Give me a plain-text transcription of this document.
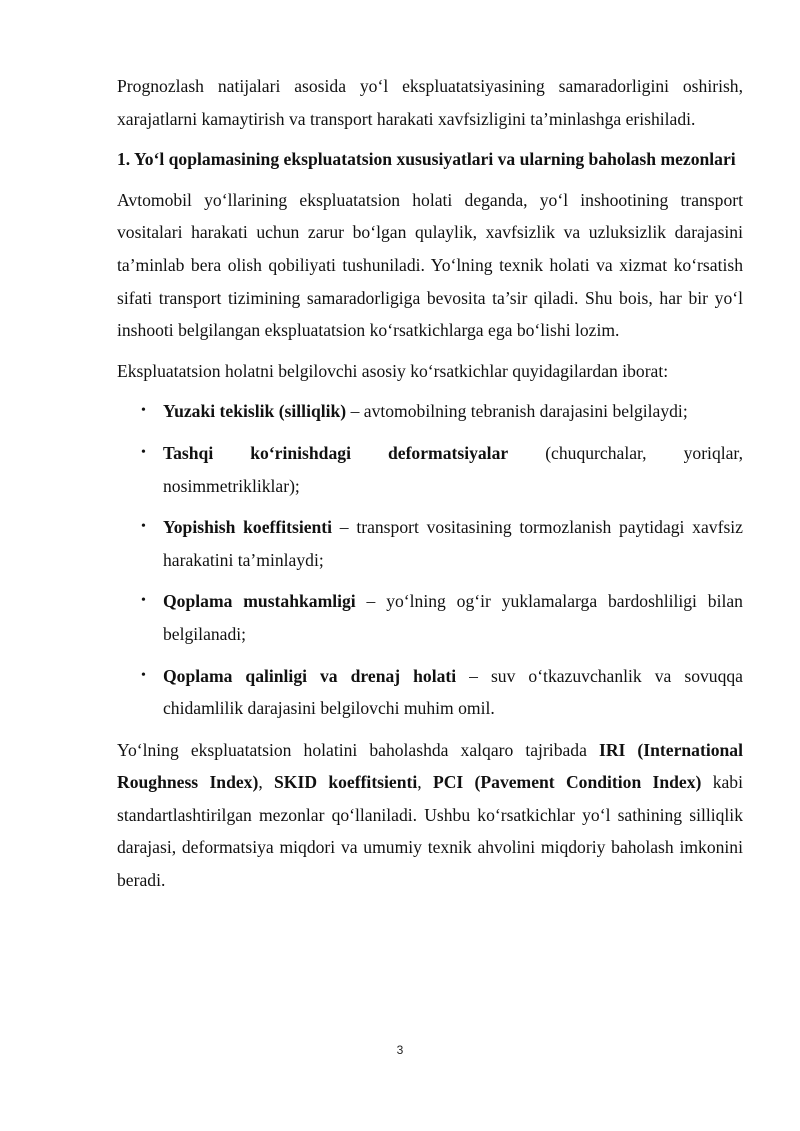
Prognozlash natijalari asosida yo‘l ekspluatatsiyasining samaradorligini oshirish, xarajatlarni kamaytirish va transport harakati xavfsizligini ta’minlashga erishiladi.

1. Yo‘l qoplamasining ekspluatatsion xususiyatlari va ularning baholash mezonlari

Avtomobil yo‘llarining ekspluatatsion holati deganda, yo‘l inshootining transport vositalari harakati uchun zarur bo‘lgan qulaylik, xavfsizlik va uzluksizlik darajasini ta’minlab bera olish qobiliyati tushuniladi. Yo‘lning texnik holati va xizmat ko‘rsatish sifati transport tizimining samaradorligiga bevosita ta’sir qiladi. Shu bois, har bir yo‘l inshooti belgilangan ekspluatatsion ko‘rsatkichlarga ega bo‘lishi lozim.

Ekspluatatsion holatni belgilovchi asosiy ko‘rsatkichlar quyidagilardan iborat:

• Yuzaki tekislik (silliqlik) – avtomobilning tebranish darajasini belgilaydi;

• Tashqi ko‘rinishdagi deformatsiyalar (chuqurchalar, yoriqlar, nosimmetrikliklar);

• Yopishish koeffitsienti – transport vositasining tormozlanish paytidagi xavfsiz harakatini ta’minlaydi;

• Qoplama mustahkamligi – yo‘lning og‘ir yuklamalarga bardoshliligi bilan belgilanadi;

• Qoplama qalinligi va drenaj holati – suv o‘tkazuvchanlik va sovuqqa chidamlilik darajasini belgilovchi muhim omil.

Yo‘lning ekspluatatsion holatini baholashda xalqaro tajribada IRI (International Roughness Index), SKID koeffitsienti, PCI (Pavement Condition Index) kabi standartlashtirilgan mezonlar qo‘llaniladi. Ushbu ko‘rsatkichlar yo‘l sathining silliqlik darajasi, deformatsiya miqdori va umumiy texnik ahvolini miqdoriy baholash imkonini beradi.

3
